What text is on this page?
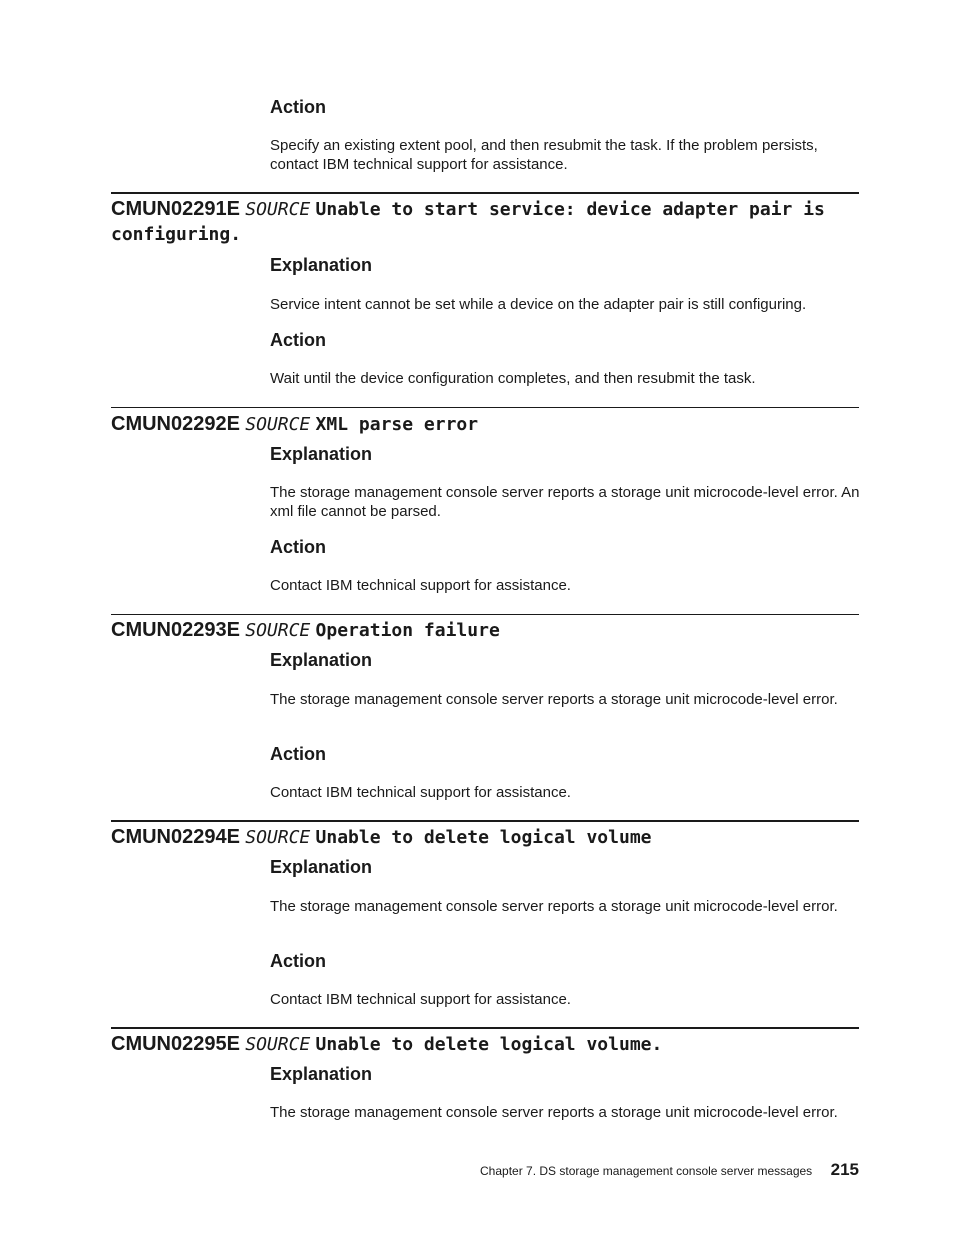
Action
Specify an existing extent pool, and then resubmit the task. If the problem persists, contact IBM technical support for assistance.
CMUN02291E SOURCE Unable to start service: device adapter pair is
configuring.
Explanation
Service intent cannot be set while a device on the adapter pair is still configuring.
Action
Wait until the device configuration completes, and then resubmit the task.
CMUN02292E SOURCE XML parse error
Explanation
The storage management console server reports a storage unit microcode-level error. An xml file cannot be parsed.
Action
Contact IBM technical support for assistance.
CMUN02293E SOURCE Operation failure
Explanation
The storage management console server reports a storage unit microcode-level error.
Action
Contact IBM technical support for assistance.
CMUN02294E SOURCE Unable to delete logical volume
Explanation
The storage management console server reports a storage unit microcode-level error.
Action
Contact IBM technical support for assistance.
CMUN02295E SOURCE Unable to delete logical volume.
Explanation
The storage management console server reports a storage unit microcode-level error.
Chapter 7. DS storage management console server messages 215
